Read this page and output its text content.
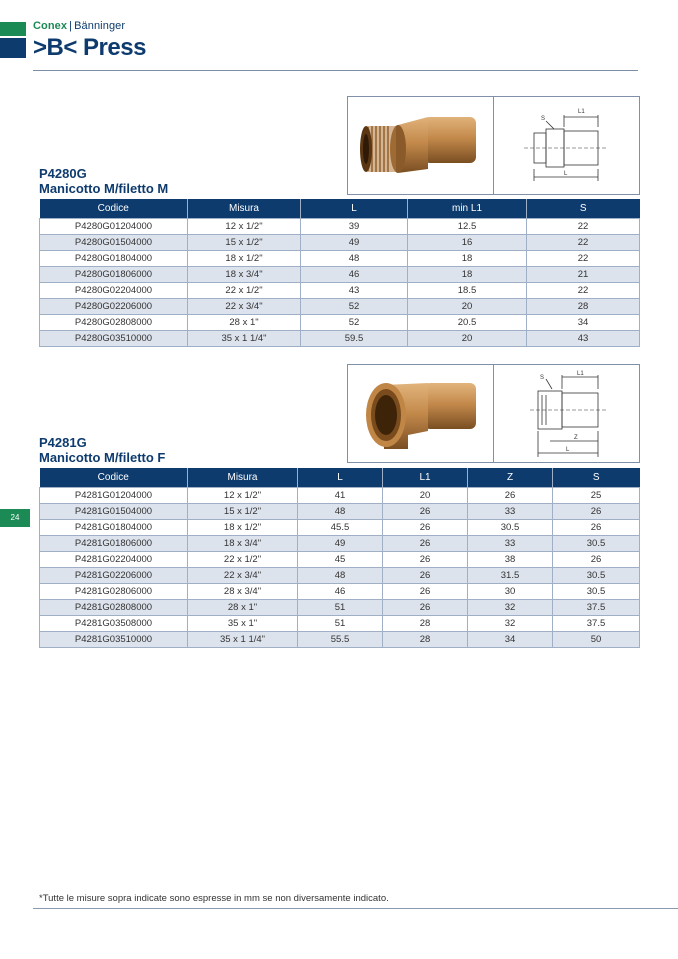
Conex | Bänninger
>B< Press
L1
S
L
P4280G
Manicotto M/filetto M
Codice	Misura	L	min L1	S
P4280G01204000	12 x 1/2"	39	12.5	22
P4280G01504000	15 x 1/2"	49	16	22
P4280G01804000	18 x 1/2"	48	18	22
P4280G01806000	18 x 3/4"	46	18	21
P4280G02204000	22 x 1/2"	43	18.5	22
P4280G02206000	22 x 3/4"	52	20	28
P4280G02808000	28 x 1"	52	20.5	34
P4280G03510000	35 x 1 1/4"	59.5	20	43
L1
S
Z
L
P4281G
Manicotto M/filetto F
Codice	Misura	L	L1	Z	S
P4281G01204000	12 x 1/2"	41	20	26	25
P4281G01504000	15 x 1/2"	48	26	33	26
P4281G01804000	18 x 1/2"	45.5	26	30.5	26
P4281G01806000	18 x 3/4"	49	26	33	30.5
P4281G02204000	22 x 1/2"	45	26	38	26
P4281G02206000	22 x 3/4"	48	26	31.5	30.5
P4281G02806000	28 x 3/4"	46	26	30	30.5
P4281G02808000	28 x 1"	51	26	32	37.5
P4281G03508000	35 x 1"	51	28	32	37.5
P4281G03510000	35 x 1 1/4"	55.5	28	34	50
24
*Tutte le misure sopra indicate sono espresse in mm se non diversamente indicato.
